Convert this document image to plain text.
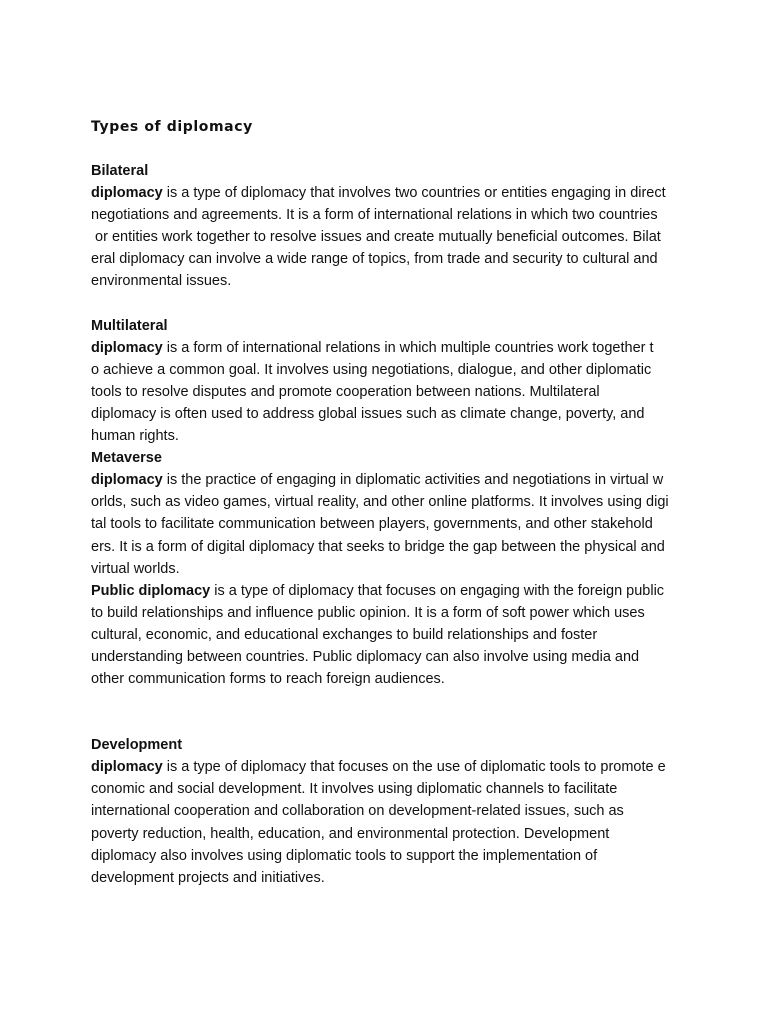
Types of diplomacy
Bilateral
diplomacy is a type of diplomacy that involves two countries or entities engaging in direct
negotiations and agreements. It is a form of international relations in which two countries
or entities work together to resolve issues and create mutually beneficial outcomes. Bilat
eral diplomacy can involve a wide range of topics, from trade and security to cultural and
environmental issues.
Multilateral
diplomacy is a form of international relations in which multiple countries work together t
o achieve a common goal. It involves using negotiations, dialogue, and other diplomatic
tools to resolve disputes and promote cooperation between nations. Multilateral
diplomacy is often used to address global issues such as climate change, poverty, and
human rights.
Metaverse
diplomacy is the practice of engaging in diplomatic activities and negotiations in virtual w
orlds, such as video games, virtual reality, and other online platforms. It involves using digi
tal tools to facilitate communication between players, governments, and other stakehold
ers. It is a form of digital diplomacy that seeks to bridge the gap between the physical and
virtual worlds.
Public diplomacy is a type of diplomacy that focuses on engaging with the foreign public
to build relationships and influence public opinion. It is a form of soft power which uses
cultural, economic, and educational exchanges to build relationships and foster
understanding between countries. Public diplomacy can also involve using media and
other communication forms to reach foreign audiences.
Development
diplomacy is a type of diplomacy that focuses on the use of diplomatic tools to promote e
conomic and social development. It involves using diplomatic channels to facilitate
international cooperation and collaboration on development-related issues, such as
poverty reduction, health, education, and environmental protection. Development
diplomacy also involves using diplomatic tools to support the implementation of
development projects and initiatives.
